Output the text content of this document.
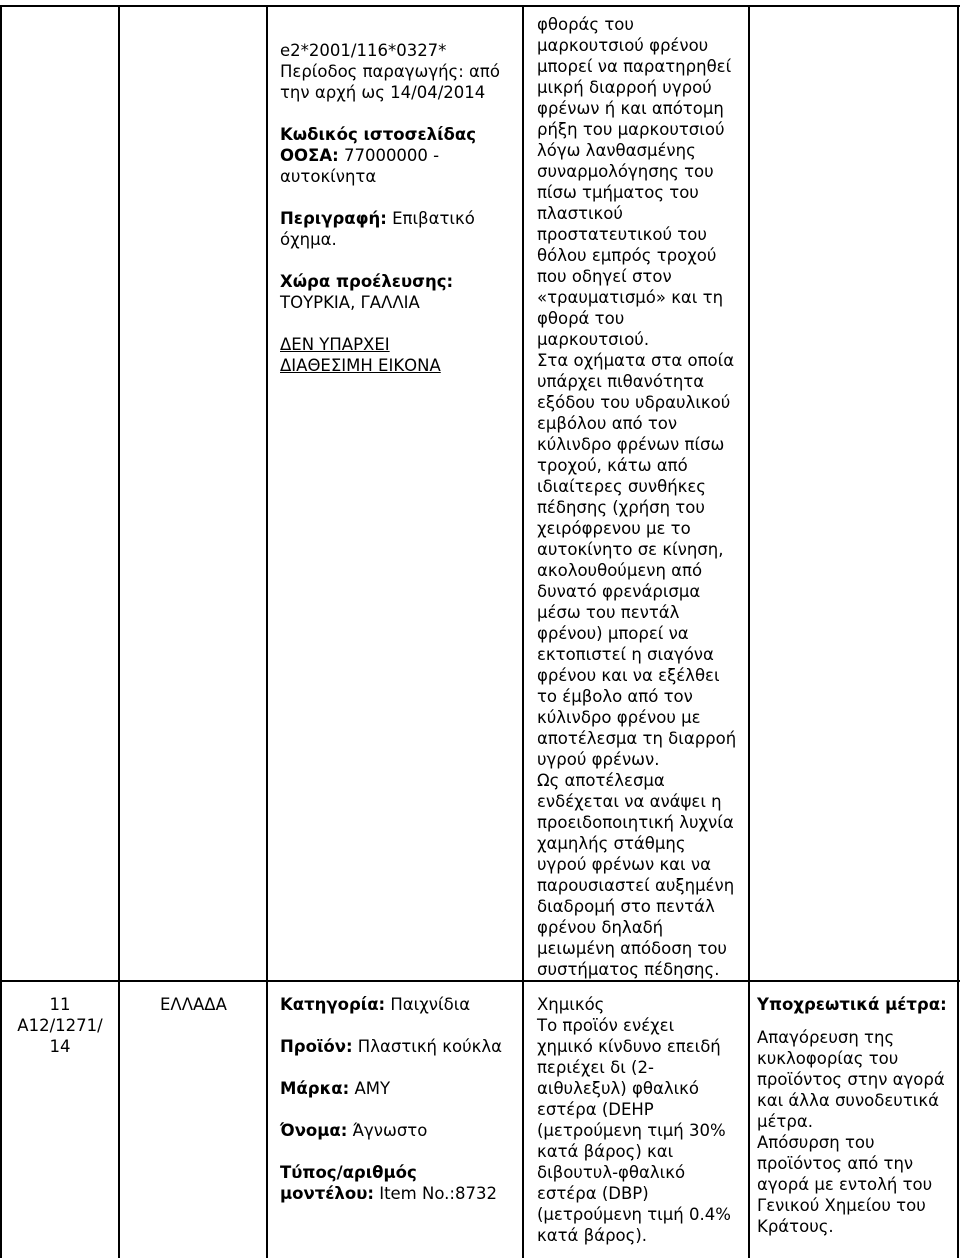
e2*2001/116*0327*
Περίοδος παραγωγής: από
την αρχή ως 14/04/2014
Κωδικός ιστοσελίδας
ΟΟΣΑ: 77000000 -
αυτοκίνητα
Περιγραφή: Επιβατικό
όχημα.
Χώρα προέλευσης:
ΤΟΥΡΚΙΑ, ΓΑΛΛΙΑ
ΔΕΝ ΥΠΑΡΧΕΙ
ΔΙΑΘΕΣΙΜΗ ΕΙΚΟΝΑ
φθοράς του
μαρκουτσιού φρένου
μπορεί να παρατηρηθεί
μικρή διαρροή υγρού
φρένων ή και απότομη
ρήξη του μαρκουτσιού
λόγω λανθασμένης
συναρμολόγησης του
πίσω τμήματος του
πλαστικού
προστατευτικού του
θόλου εμπρός τροχού
που οδηγεί στον
«τραυματισμό» και τη
φθορά του
μαρκουτσιού.
Στα οχήματα στα οποία
υπάρχει πιθανότητα
εξόδου του υδραυλικού
εμβόλου από τον
κύλινδρο φρένων πίσω
τροχού, κάτω από
ιδιαίτερες συνθήκες
πέδησης (χρήση του
χειρόφρενου με το
αυτοκίνητο σε κίνηση,
ακολουθούμενη από
δυνατό φρενάρισμα
μέσω του πεντάλ
φρένου) μπορεί να
εκτοπιστεί η σιαγόνα
φρένου και να εξέλθει
το έμβολο από τον
κύλινδρο φρένου με
αποτέλεσμα τη διαρροή
υγρού φρένων.
Ως αποτέλεσμα
ενδέχεται να ανάψει η
προειδοποιητική λυχνία
χαμηλής στάθμης
υγρού φρένων και να
παρουσιαστεί αυξημένη
διαδρομή στο πεντάλ
φρένου δηλαδή
μειωμένη απόδοση του
συστήματος πέδησης.
11
A12/1271/
14
ΕΛΛΑΔΑ	Κατηγορία: Παιχνίδια
Προϊόν: Πλαστική κούκλα
Μάρκα: AMY
Όνομα: Άγνωστο
Τύπος/αριθμός
μοντέλου: Item No.:8732
Χημικός
Το προϊόν ενέχει
χημικό κίνδυνο επειδή
περιέχει δι (2-
αιθυλεξυλ) φθαλικό
εστέρα (DEHP
(μετρούμενη τιμή 30%
κατά βάρος) και
διβουτυλ-φθαλικό
εστέρα (DBP)
(μετρούμενη τιμή 0.4%
κατά βάρος).
Υποχρεωτικά μέτρα:
Απαγόρευση της
κυκλοφορίας του
προϊόντος στην αγορά
και άλλα συνοδευτικά
μέτρα.
Απόσυρση του
προϊόντος από την
αγορά με εντολή του
Γενικού Χημείου του
Κράτους.
